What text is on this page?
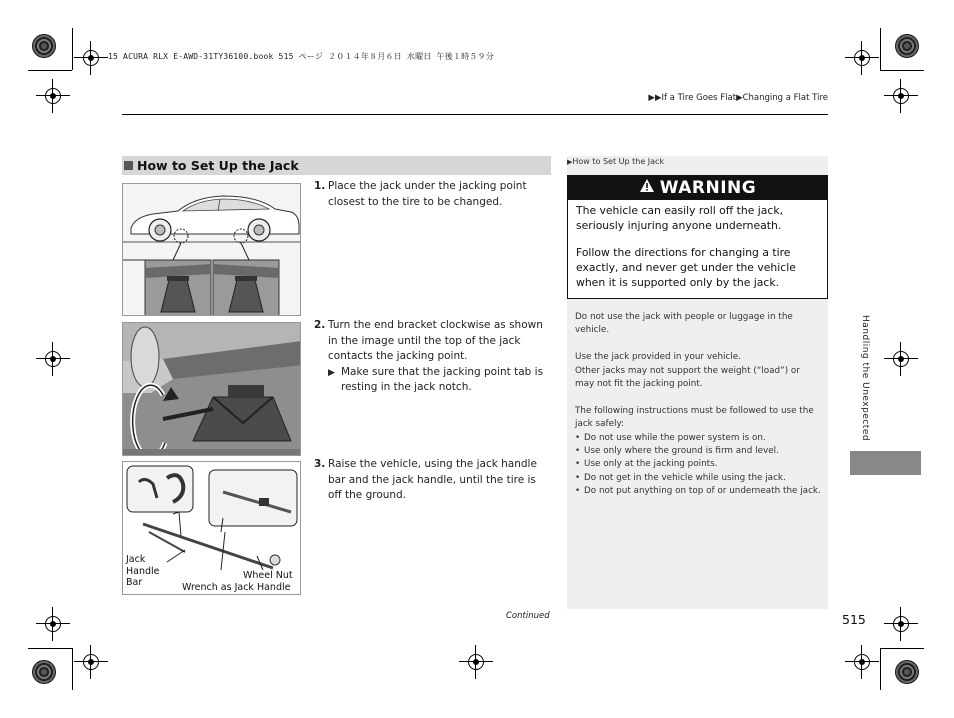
15 ACURA RLX E-AWD-31TY36100.book 515 ページ ２０１４年８月６日 水曜日 午後１時５９分
▶▶If a Tire Goes Flat▶Changing a Flat Tire
How to Set Up the Jack
Jack Handle Bar
Wheel Nut
Wrench as Jack Handle
1. Place the jack under the jacking point closest to the tire to be changed.
2. Turn the end bracket clockwise as shown in the image until the top of the jack contacts the jacking point.
▶ Make sure that the jacking point tab is resting in the jack notch.
3. Raise the vehicle, using the jack handle bar and the jack handle, until the tire is off the ground.
▶How to Set Up the Jack
WARNING

The vehicle can easily roll off the jack, seriously injuring anyone underneath.

Follow the directions for changing a tire exactly, and never get under the vehicle when it is supported only by the jack.

Do not use the jack with people or luggage in the vehicle.

Use the jack provided in your vehicle.
Other jacks may not support the weight (“load”) or may not fit the jacking point.

The following instructions must be followed to use the jack safely:

• Do not use while the power system is on.
• Use only where the ground is firm and level.
• Use only at the jacking points.
• Do not get in the vehicle while using the jack.
• Do not put anything on top of or underneath the jack.
Handling the Unexpected
Continued	515
